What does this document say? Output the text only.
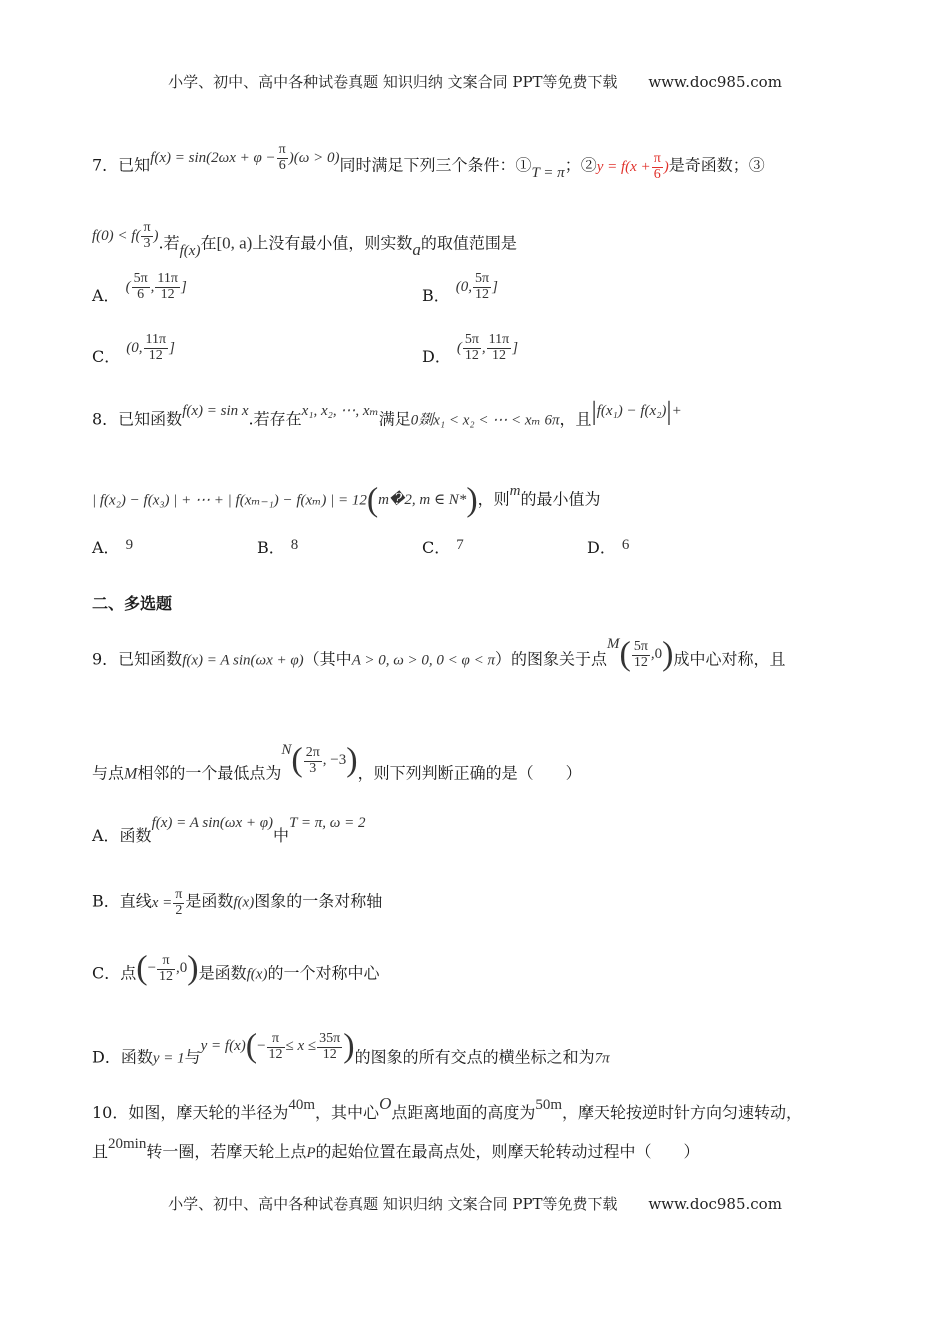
小学、初中、高中各种试卷真题 知识归纳 文案合同 PPT等免费下载 www.doc985.com
7．已知$f(x) = \sin(2\omega x + \varphi - \frac{\pi}{6} )(\omega > 0)$同时满足下列三个条件：①T = π；②y = $f(x + \frac{\pi}{6}$ )是奇函数；③
$f(0) < f( \frac{\pi}{3}$ ).若f(x)在[0, a)上没有最小值，则实数a的取值范围是
A． ( $\frac{5\pi}{6}$ , $\frac{11\pi}{12}$ ]	B． (0, $\frac{5\pi}{12}$ ]
C． (0, $\frac{11\pi}{12}$ ]	D． ( $\frac{5\pi}{12}$ , $\frac{11\pi}{12}$ ]
8．已知函数f(x) = sin x.若存在x₁, x₂, ⋯, xₘ满足0剟x₁ < x₂ < ⋯ < xₘ 6π，且|f(x₁) − f(x₂)|+
| f(x₂) − f(x₃) | + ⋯ + | f(xₘ₋₁) − f(xₘ) | = 12(m�2, m ∈ N*)，则m的最小值为
A． 9	B． 8	C． 7	D． 6
二、多选题
9．已知函数f(x) = A sin(ωx + φ)（其中A > 0, ω > 0, 0 < φ < π）的图象关于点$M( \frac{5\pi}{12} ,0)$成中心对称，且
与点M相邻的一个最低点为$N( \frac{2\pi}{3}$ , −3)，则下列判断正确的是（　　）
A．函数f(x) = A sin(ωx + φ)中T = π, ω = 2
B．直线$x = \frac{\pi}{2}$ 是函数f(x)图象的一条对称轴
C．点(− $\frac{\pi}{12} ,0$)是函数f(x)的一个对称中心
D．函数y = 1与$y = f(x)(- \frac{\pi}{12} \le x \le \frac{35\pi}{12}$ )的图象的所有交点的横坐标之和为7π
10．如图，摩天轮的半径为40m，其中心O点距离地面的高度为50m，摩天轮按逆时针方向匀速转动，
且20min转一圈，若摩天轮上点P的起始位置在最高点处，则摩天轮转动过程中（　　）
小学、初中、高中各种试卷真题 知识归纳 文案合同 PPT等免费下载 www.doc985.com
